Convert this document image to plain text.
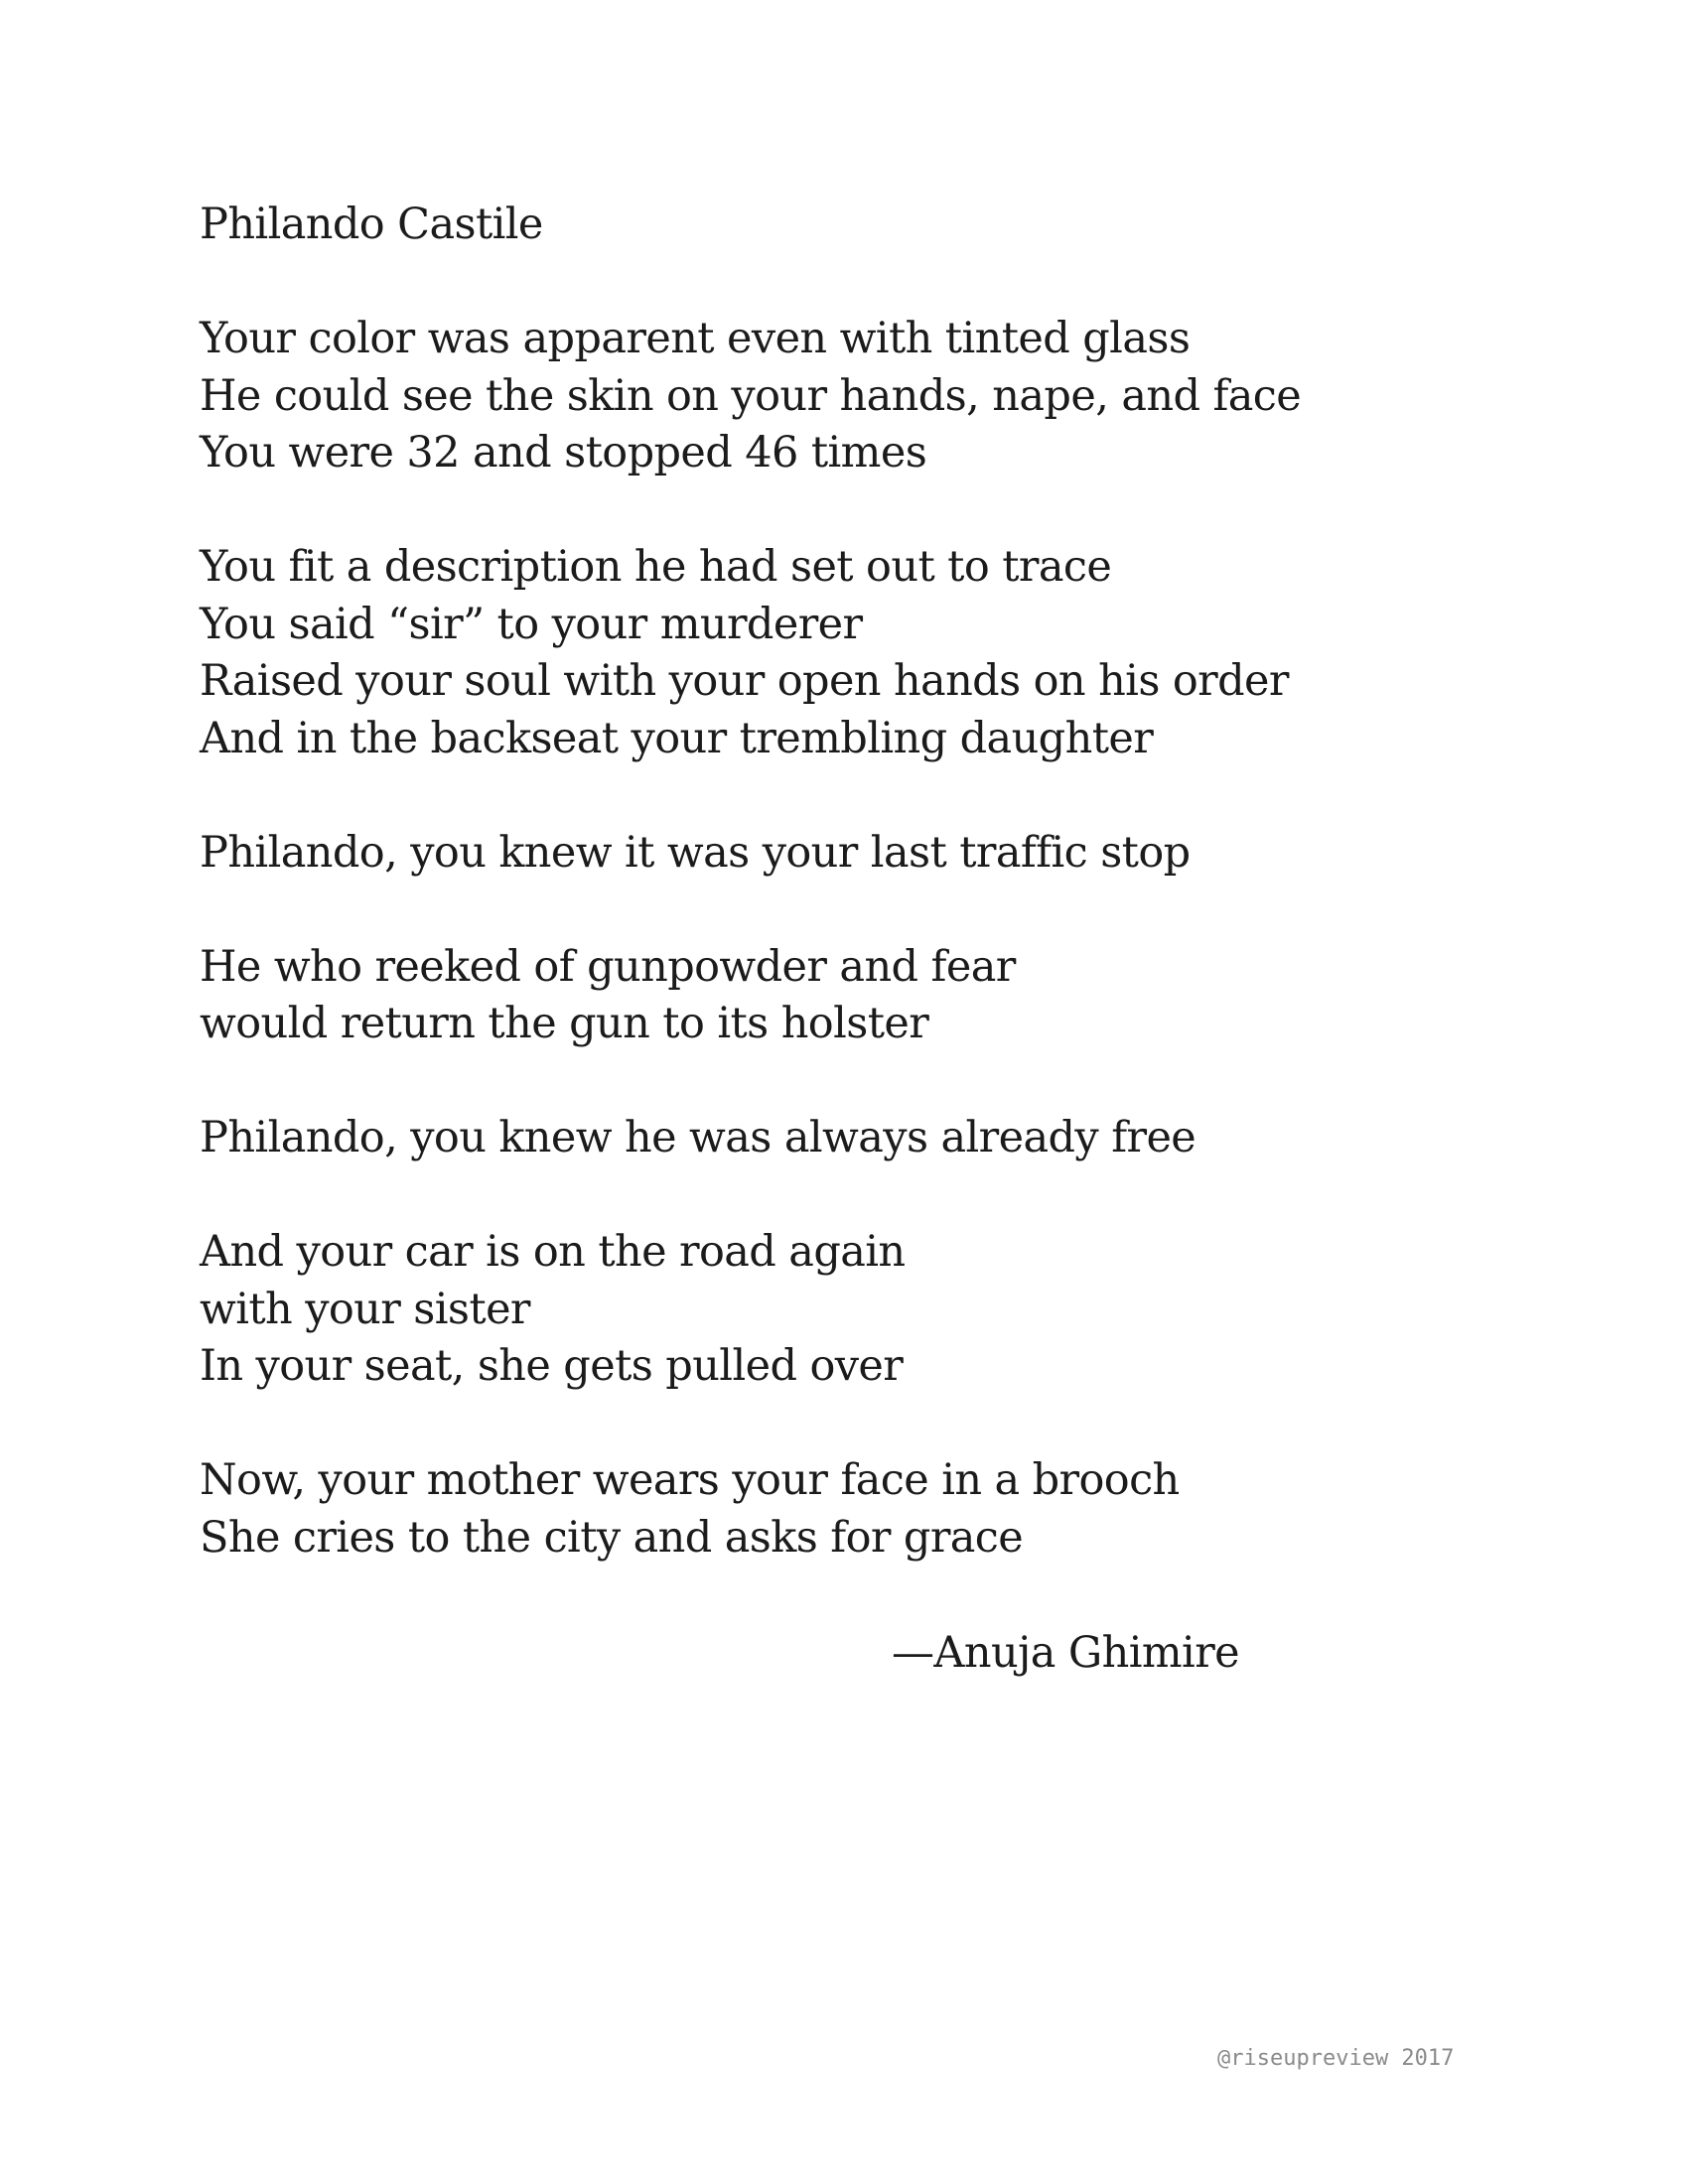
Philando Castile
Your color was apparent even with tinted glass
He could see the skin on your hands, nape, and face
You were 32 and stopped 46 times
You fit a description he had set out to trace
You said “sir” to your murderer
Raised your soul with your open hands on his order
And in the backseat your trembling daughter
Philando, you knew it was your last traffic stop
He who reeked of gunpowder and fear
would return the gun to its holster
Philando, you knew he was always already free
And your car is on the road again
with your sister
In your seat, she gets pulled over
Now, your mother wears your face in a brooch
She cries to the city and asks for grace
—Anuja Ghimire
@riseupreview 2017
